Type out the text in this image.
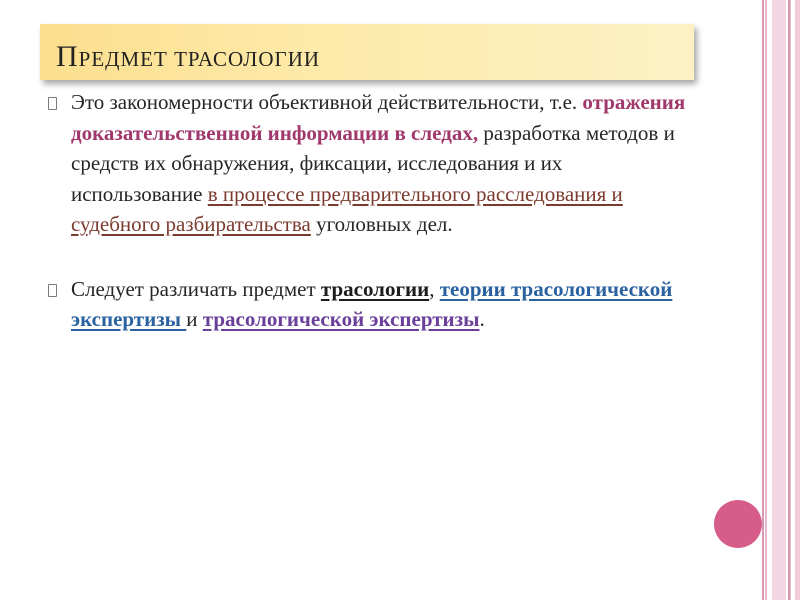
ПРЕДМЕТ ТРАСОЛОГИИ
Это закономерности объективной действительности, т.е. отражения доказательственной информации в следах, разработка методов и средств их обнаружения, фиксации, исследования и их использование в процессе предварительного расследования и судебного разбирательства уголовных дел.
Следует различать предмет трасологии, теории трасологической экспертизы и трасологической экспертизы.
